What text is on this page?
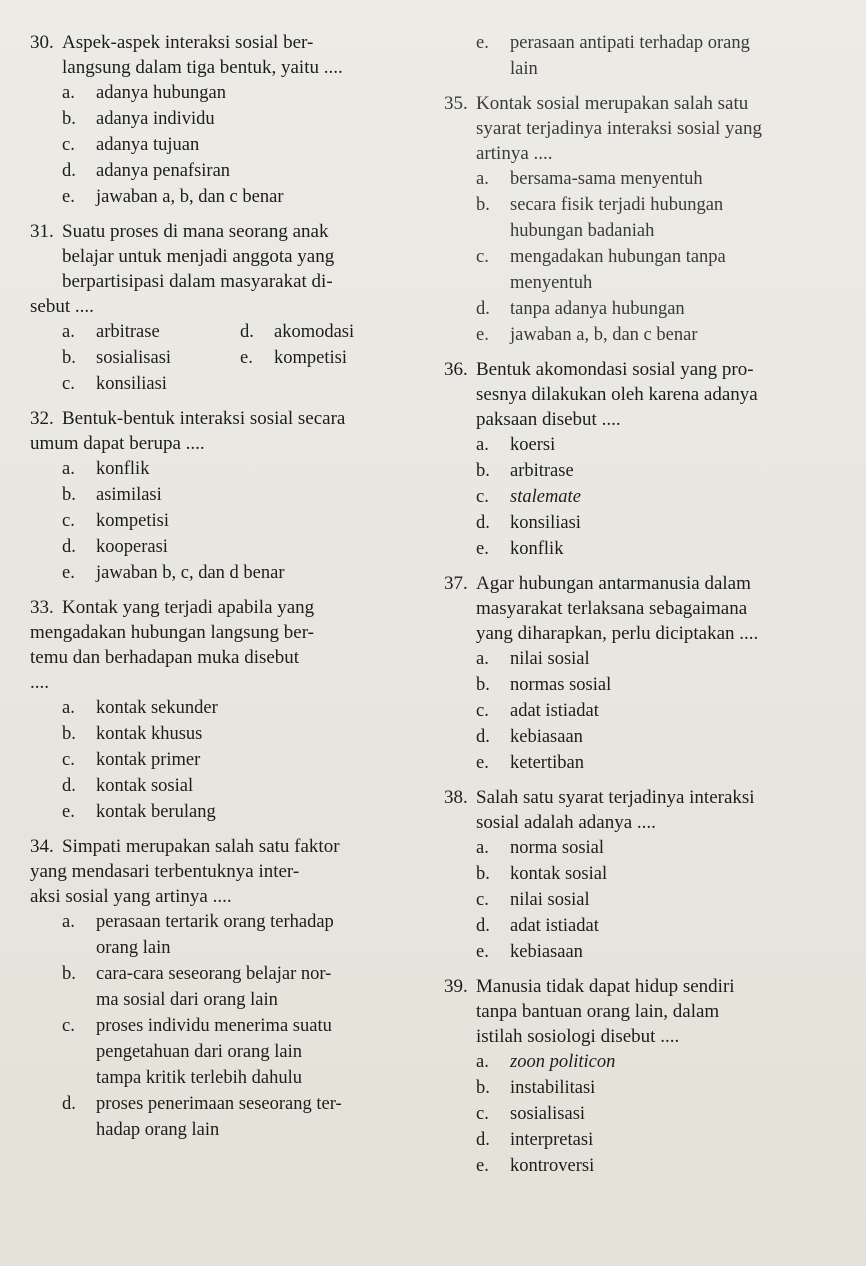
30. Aspek-aspek interaksi sosial ber-
langsung dalam tiga bentuk, yaitu ....
a. adanya hubungan
b. adanya individu
c. adanya tujuan
d. adanya penafsiran
e. jawaban a, b, dan c benar
31. Suatu proses di mana seorang anak
belajar untuk menjadi anggota yang
berpartisipasi dalam masyarakat di-
sebut ....
a. arbitrase	d. akomodasi
b. sosialisasi	e. kompetisi
c. konsiliasi
32. Bentuk-bentuk interaksi sosial secara
umum dapat berupa ....
a. konflik
b. asimilasi
c. kompetisi
d. kooperasi
e. jawaban b, c, dan d benar
33. Kontak yang terjadi apabila yang
mengadakan hubungan langsung ber-
temu dan berhadapan muka disebut
....
a. kontak sekunder
b. kontak khusus
c. kontak primer
d. kontak sosial
e. kontak berulang
34. Simpati merupakan salah satu faktor
yang mendasari terbentuknya inter-
aksi sosial yang artinya ....
a. perasaan tertarik orang terhadap
orang lain
b. cara-cara seseorang belajar nor-
ma sosial dari orang lain
c. proses individu menerima suatu
pengetahuan dari orang lain
tampa kritik terlebih dahulu
d. proses penerimaan seseorang ter-
hadap orang lain
e. perasaan antipati terhadap orang
lain
35. Kontak sosial merupakan salah satu
syarat terjadinya interaksi sosial yang
artinya ....
a. bersama-sama menyentuh
b. secara fisik terjadi hubungan
hubungan badaniah
c. mengadakan hubungan tanpa
menyentuh
d. tanpa adanya hubungan
e. jawaban a, b, dan c benar
36. Bentuk akomondasi sosial yang pro-
sesnya dilakukan oleh karena adanya
paksaan disebut ....
a. koersi
b. arbitrase
c. stalemate
d. konsiliasi
e. konflik
37. Agar hubungan antarmanusia dalam
masyarakat terlaksana sebagaimana
yang diharapkan, perlu diciptakan ....
a. nilai sosial
b. normas sosial
c. adat istiadat
d. kebiasaan
e. ketertiban
38. Salah satu syarat terjadinya interaksi
sosial adalah adanya ....
a. norma sosial
b. kontak sosial
c. nilai sosial
d. adat istiadat
e. kebiasaan
39. Manusia tidak dapat hidup sendiri
tanpa bantuan orang lain, dalam
istilah sosiologi disebut ....
a. zoon politicon
b. instabilitasi
c. sosialisasi
d. interpretasi
e. kontroversi
